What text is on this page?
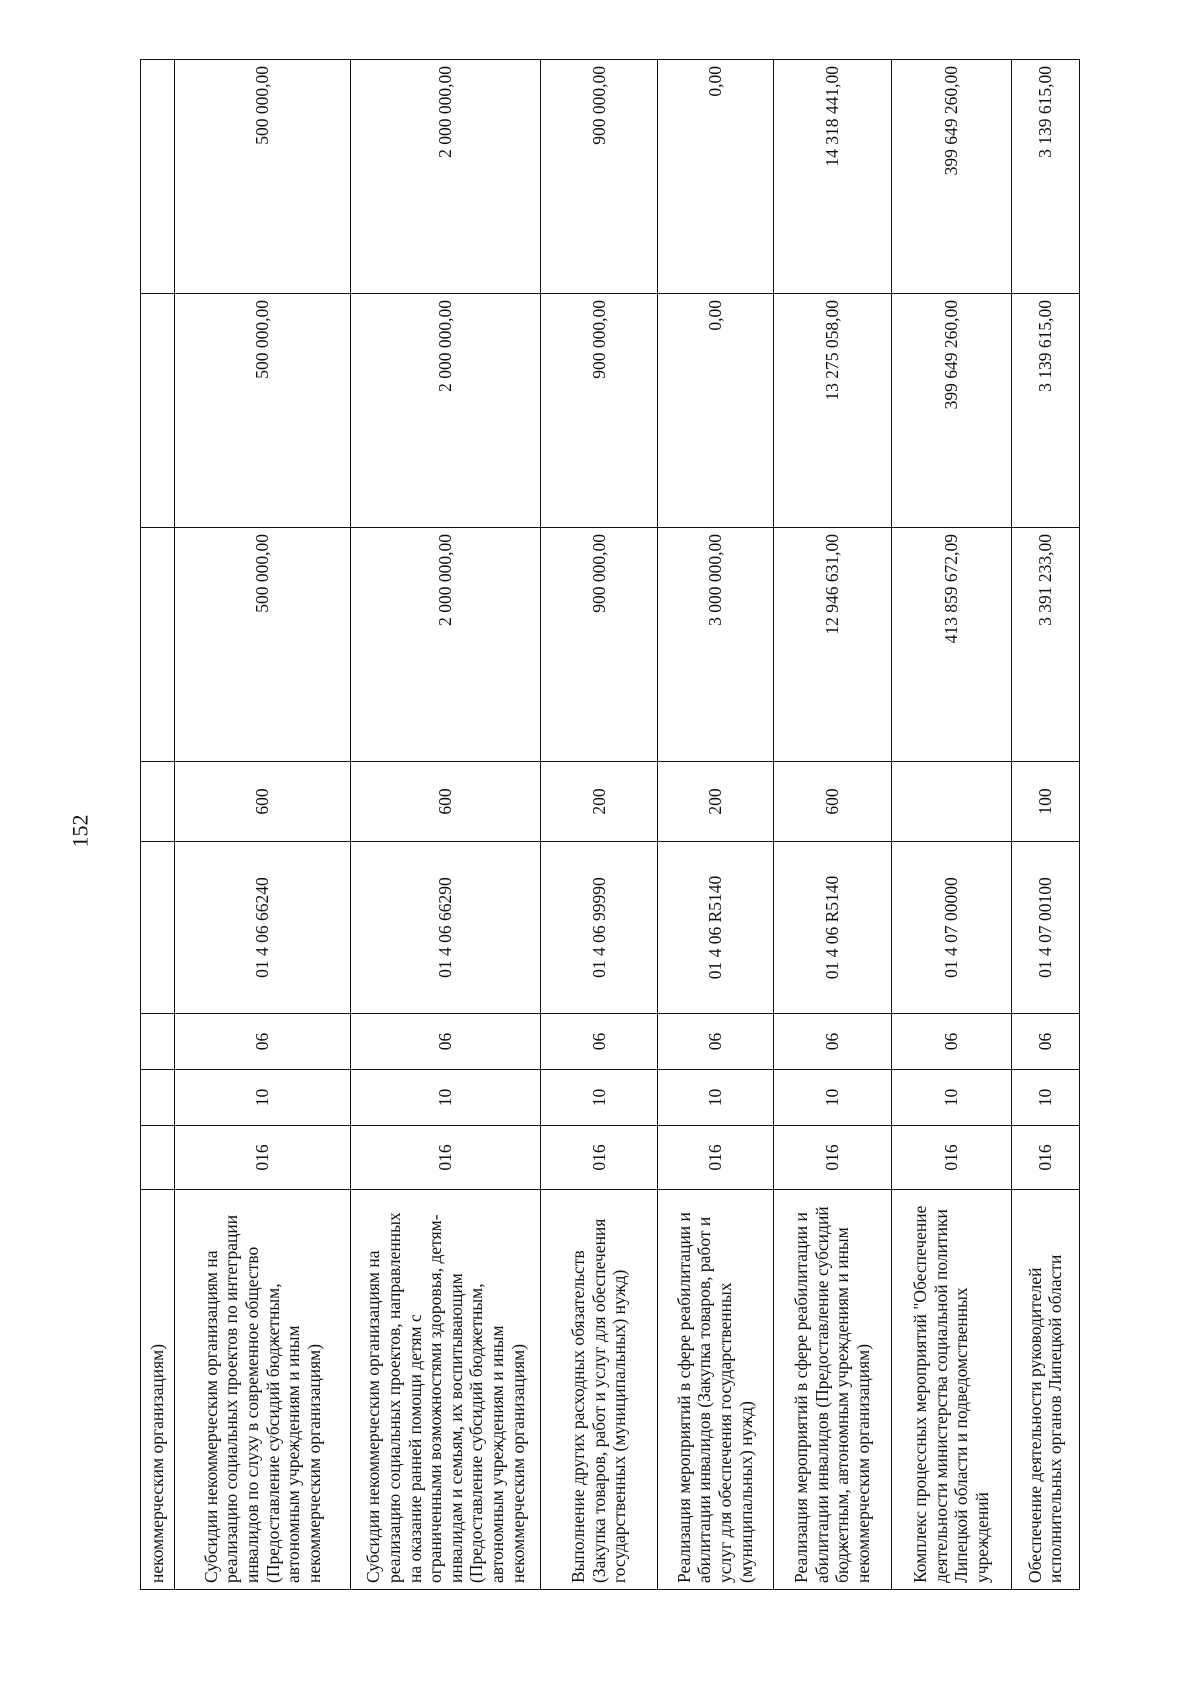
152
некоммерческим организациям)								
Субсидии некоммерческим организациям на реализацию социальных проектов по интеграции инвалидов по слуху в современное общество (Предоставление субсидий бюджетным, автономным учреждениям и иным некоммерческим организациям)	016	10	06	01 4 06 66240	600	500 000,00	500 000,00	500 000,00
Субсидии некоммерческим организациям на реализацию социальных проектов, направленных на оказание ранней помощи детям с ограниченными возможностями здоровья, детям-инвалидам и семьям, их воспитывающим (Предоставление субсидий бюджетным, автономным учреждениям и иным некоммерческим организациям)	016	10	06	01 4 06 66290	600	2 000 000,00	2 000 000,00	2 000 000,00
Выполнение других расходных обязательств (Закупка товаров, работ и услуг для обеспечения государственных (муниципальных) нужд)	016	10	06	01 4 06 99990	200	900 000,00	900 000,00	900 000,00
Реализация мероприятий в сфере реабилитации и абилитации инвалидов (Закупка товаров, работ и услуг для обеспечения государственных (муниципальных) нужд)	016	10	06	01 4 06 R5140	200	3 000 000,00	0,00	0,00
Реализация мероприятий в сфере реабилитации и абилитации инвалидов (Предоставление субсидий бюджетным, автономным учреждениям и иным некоммерческим организациям)	016	10	06	01 4 06 R5140	600	12 946 631,00	13 275 058,00	14 318 441,00
Комплекс процессных мероприятий "Обеспечение деятельности министерства социальной политики Липецкой области и подведомственных учреждений	016	10	06	01 4 07 00000		413 859 672,09	399 649 260,00	399 649 260,00
Обеспечение деятельности руководителей исполнительных органов Липецкой области	016	10	06	01 4 07 00100	100	3 391 233,00	3 139 615,00	3 139 615,00
